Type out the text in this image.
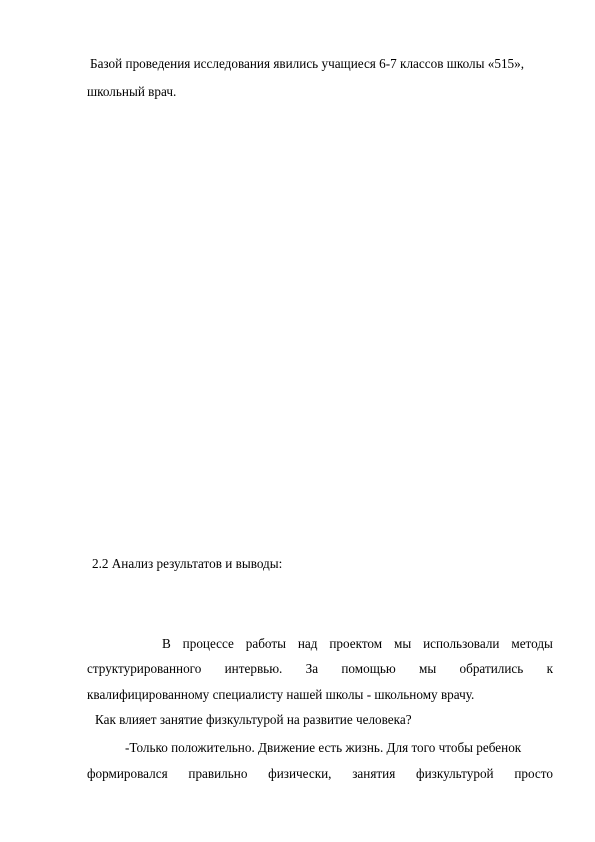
Базой проведения исследования явились учащиеся 6-7 классов школы «515»,
школьный врач.
2.2 Анализ результатов и выводы:
В процессе работы над проектом мы использовали методы
структурированного интервью. За помощью мы обратились к
квалифицированному специалисту нашей школы - школьному врачу.
Как влияет занятие физкультурой на развитие человека?
-Только положительно. Движение есть жизнь. Для того чтобы ребенок
формировался правильно физически, занятия физкультурой просто
